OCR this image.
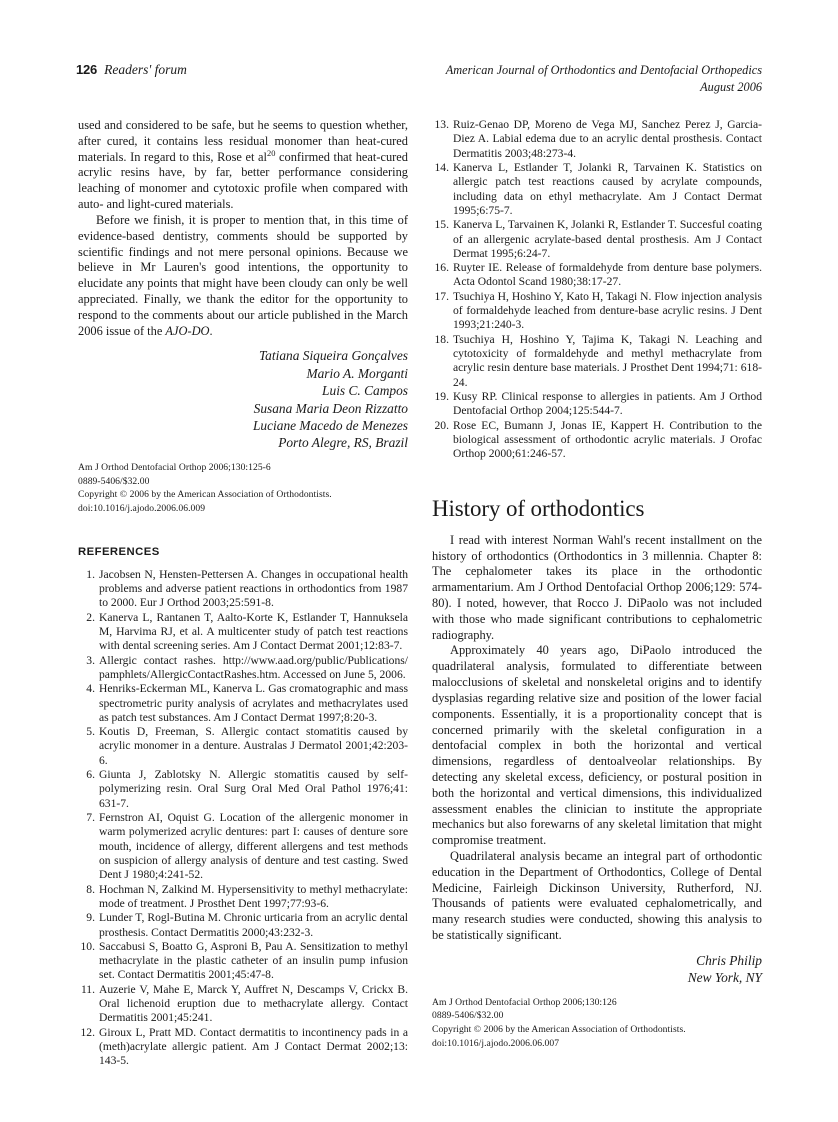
126 Readers' forum	American Journal of Orthodontics and Dentofacial Orthopedics
August 2006

used and considered to be safe, but he seems to question whether, after cured, it contains less residual monomer than heat-cured materials. In regard to this, Rose et $al^{20}$ confirmed that heat-cured acrylic resins have, by far, better performance considering leaching of monomer and cytotoxic profile when compared with auto- and light-cured materials.

Before we finish, it is proper to mention that, in this time of evidence-based dentistry, comments should be supported by scientific findings and not mere personal opinions. Because we believe in Mr Lauren's good intentions, the opportunity to elucidate any points that might have been cloudy can only be well appreciated. Finally, we thank the editor for the opportunity to respond to the comments about our article published in the March 2006 issue of the AJO-DO.

Tatiana Siqueira Gonçalves
Mario A. Morganti
Luis C. Campos
Susana Maria Deon Rizzatto
Luciane Macedo de Menezes
Porto Alegre, RS, Brazil
Am J Orthod Dentofacial Orthop 2006;130:125-6
0889-5406/$32.00
Copyright © 2006 by the American Association of Orthodontists.
doi:10.1016/j.ajodo.2006.06.009
REFERENCES
1. Jacobsen N, Hensten-Pettersen A. Changes in occupational health problems and adverse patient reactions in orthodontics from 1987 to 2000. Eur J Orthod 2003;25:591-8.
2. Kanerva L, Rantanen T, Aalto-Korte K, Estlander T, Hannuksela M, Harvima RJ, et al. A multicenter study of patch test reactions with dental screening series. Am J Contact Dermat 2001;12:83-7.
3. Allergic contact rashes. http://www.aad.org/public/Publications/ pamphlets/AllergicContactRashes.htm. Accessed on June 5, 2006.
4. Henriks-Eckerman ML, Kanerva L. Gas cromatographic and mass spectrometric purity analysis of acrylates and methacrylates used as patch test substances. Am J Contact Dermat 1997;8:20-3.
5. Koutis D, Freeman, S. Allergic contact stomatitis caused by acrylic monomer in a denture. Australas J Dermatol 2001;42:203-6.
6. Giunta J, Zablotsky N. Allergic stomatitis caused by self-polymerizing resin. Oral Surg Oral Med Oral Pathol 1976;41: 631-7.
7. Fernstron AI, Oquist G. Location of the allergenic monomer in warm polymerized acrylic dentures: part I: causes of denture sore mouth, incidence of allergy, different allergens and test methods on suspicion of allergy analysis of denture and test casting. Swed Dent J 1980;4:241-52.
8. Hochman N, Zalkind M. Hypersensitivity to methyl methacrylate: mode of treatment. J Prosthet Dent 1997;77:93-6.
9. Lunder T, Rogl-Butina M. Chronic urticaria from an acrylic dental prosthesis. Contact Dermatitis 2000;43:232-3.
10. Saccabusi S, Boatto G, Asproni B, Pau A. Sensitization to methyl methacrylate in the plastic catheter of an insulin pump infusion set. Contact Dermatitis 2001;45:47-8.
11. Auzerie V, Mahe E, Marck Y, Auffret N, Descamps V, Crickx B. Oral lichenoid eruption due to methacrylate allergy. Contact Dermatitis 2001;45:241.
12. Giroux L, Pratt MD. Contact dermatitis to incontinency pads in a (meth)acrylate allergic patient. Am J Contact Dermat 2002;13: 143-5.
13. Ruiz-Genao DP, Moreno de Vega MJ, Sanchez Perez J, Garcia-Diez A. Labial edema due to an acrylic dental prosthesis. Contact Dermatitis 2003;48:273-4.
14. Kanerva L, Estlander T, Jolanki R, Tarvainen K. Statistics on allergic patch test reactions caused by acrylate compounds, including data on ethyl methacrylate. Am J Contact Dermat 1995;6:75-7.
15. Kanerva L, Tarvainen K, Jolanki R, Estlander T. Succesful coating of an allergenic acrylate-based dental prosthesis. Am J Contact Dermat 1995;6:24-7.
16. Ruyter IE. Release of formaldehyde from denture base polymers. Acta Odontol Scand 1980;38:17-27.
17. Tsuchiya H, Hoshino Y, Kato H, Takagi N. Flow injection analysis of formaldehyde leached from denture-base acrylic resins. J Dent 1993;21:240-3.
18. Tsuchiya H, Hoshino Y, Tajima K, Takagi N. Leaching and cytotoxicity of formaldehyde and methyl methacrylate from acrylic resin denture base materials. J Prosthet Dent 1994;71: 618-24.
19. Kusy RP. Clinical response to allergies in patients. Am J Orthod Dentofacial Orthop 2004;125:544-7.
20. Rose EC, Bumann J, Jonas IE, Kappert H. Contribution to the biological assessment of orthodontic acrylic materials. J Orofac Orthop 2000;61:246-57.
History of orthodontics

I read with interest Norman Wahl's recent installment on the history of orthodontics (Orthodontics in 3 millennia. Chapter 8: The cephalometer takes its place in the orthodontic armamentarium. Am J Orthod Dentofacial Orthop 2006;129: 574-80). I noted, however, that Rocco J. DiPaolo was not included with those who made significant contributions to cephalometric radiography.

Approximately 40 years ago, DiPaolo introduced the quadrilateral analysis, formulated to differentiate between malocclusions of skeletal and nonskeletal origins and to identify dysplasias regarding relative size and position of the lower facial components. Essentially, it is a proportionality concept that is concerned primarily with the skeletal configuration in a dentofacial complex in both the horizontal and vertical dimensions, regardless of dentoalveolar relationships. By detecting any skeletal excess, deficiency, or postural position in both the horizontal and vertical dimensions, this individualized assessment enables the clinician to institute the appropriate mechanics but also forewarns of any skeletal limitation that might compromise treatment.

Quadrilateral analysis became an integral part of orthodontic education in the Department of Orthodontics, College of Dental Medicine, Fairleigh Dickinson University, Rutherford, NJ. Thousands of patients were evaluated cephalometrically, and many research studies were conducted, showing this analysis to be statistically significant.

Chris Philip
New York, NY
Am J Orthod Dentofacial Orthop 2006;130:126
0889-5406/$32.00
Copyright © 2006 by the American Association of Orthodontists.
doi:10.1016/j.ajodo.2006.06.007
